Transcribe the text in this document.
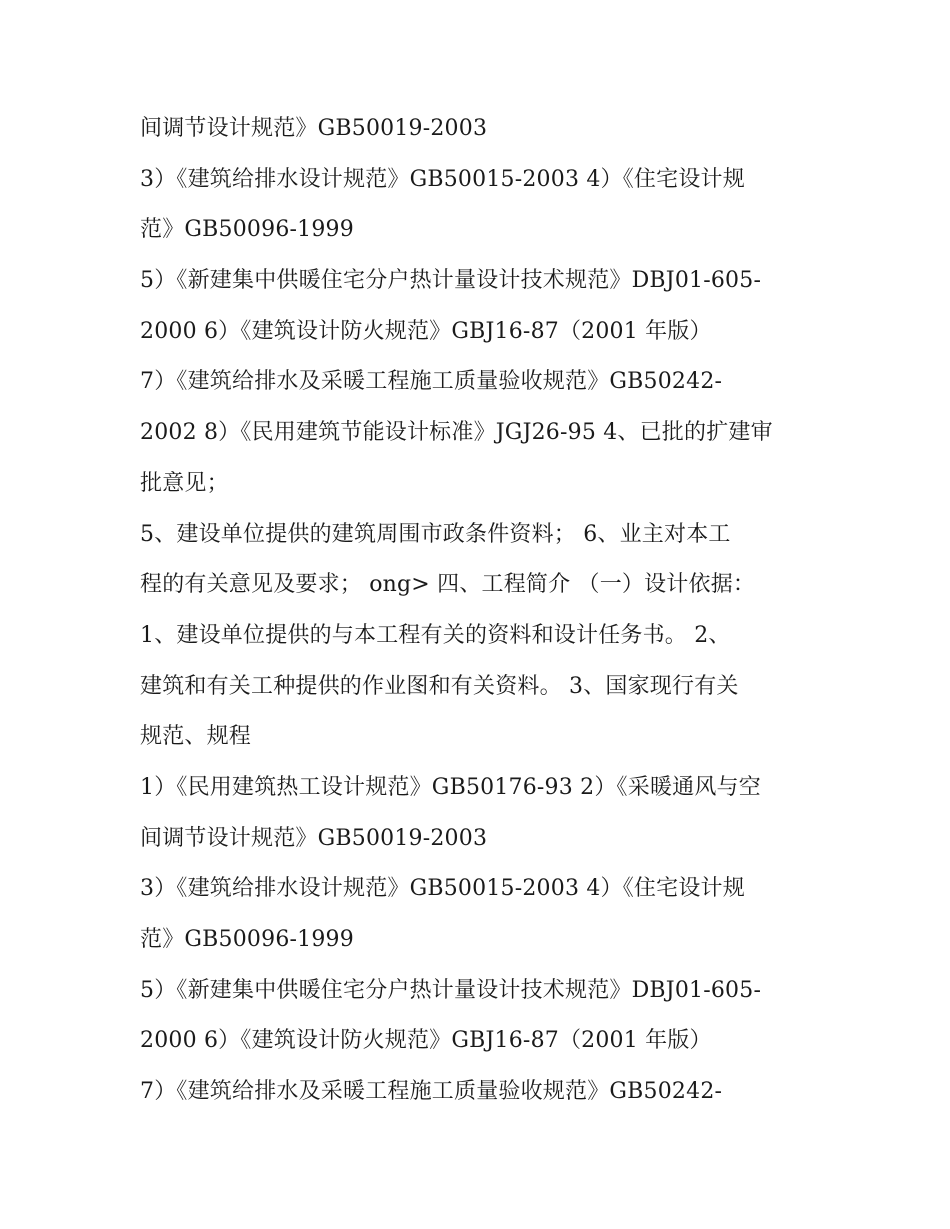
间调节设计规范》GB50019-2003

3）《建筑给排水设计规范》GB50015-2003 4）《住宅设计规

范》GB50096-1999

5）《新建集中供暖住宅分户热计量设计技术规范》DBJ01-605-

2000 6）《建筑设计防火规范》GBJ16-87（2001 年版）

7）《建筑给排水及采暖工程施工质量验收规范》GB50242-

2002 8）《民用建筑节能设计标准》JGJ26-95 4、已批的扩建审

批意见；

5、建设单位提供的建筑周围市政条件资料； 6、业主对本工

程的有关意见及要求； ong> 四、工程简介 （一）设计依据：

1、建设单位提供的与本工程有关的资料和设计任务书。 2、

建筑和有关工种提供的作业图和有关资料。 3、国家现行有关

规范、规程

1）《民用建筑热工设计规范》GB50176-93 2）《采暖通风与空

间调节设计规范》GB50019-2003

3）《建筑给排水设计规范》GB50015-2003 4）《住宅设计规

范》GB50096-1999

5）《新建集中供暖住宅分户热计量设计技术规范》DBJ01-605-

2000 6）《建筑设计防火规范》GBJ16-87（2001 年版）

7）《建筑给排水及采暖工程施工质量验收规范》GB50242-
